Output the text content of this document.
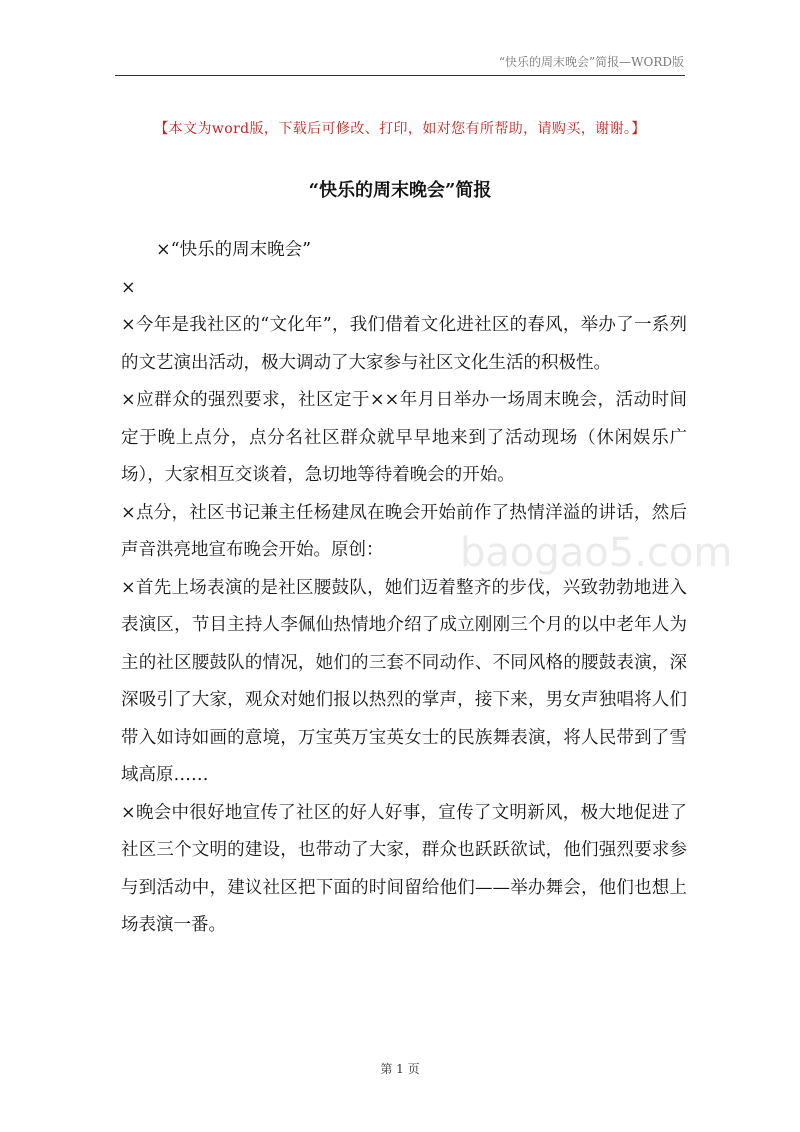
“快乐的周末晚会”简报—WORD版
【本文为word版，下载后可修改、打印，如对您有所帮助，请购买，谢谢。】
“快乐的周末晚会”简报
baogao5.com

×“快乐的周末晚会”

×

×今年是我社区的“文化年”，我们借着文化进社区的春风，举办了一系列的文艺演出活动，极大调动了大家参与社区文化生活的积极性。

×应群众的强烈要求，社区定于××年月日举办一场周末晚会，活动时间定于晚上点分，点分名社区群众就早早地来到了活动现场（休闲娱乐广场），大家相互交谈着，急切地等待着晚会的开始。

×点分，社区书记兼主任杨建凤在晚会开始前作了热情洋溢的讲话，然后声音洪亮地宣布晚会开始。原创：

×首先上场表演的是社区腰鼓队，她们迈着整齐的步伐，兴致勃勃地进入表演区，节目主持人李佩仙热情地介绍了成立刚刚三个月的以中老年人为主的社区腰鼓队的情况，她们的三套不同动作、不同风格的腰鼓表演，深深吸引了大家，观众对她们报以热烈的掌声，接下来，男女声独唱将人们带入如诗如画的意境，万宝英万宝英女士的民族舞表演，将人民带到了雪域高原……

×晚会中很好地宣传了社区的好人好事，宣传了文明新风，极大地促进了社区三个文明的建设，也带动了大家，群众也跃跃欲试，他们强烈要求参与到活动中，建议社区把下面的时间留给他们——举办舞会，他们也想上场表演一番。

第 1 页
